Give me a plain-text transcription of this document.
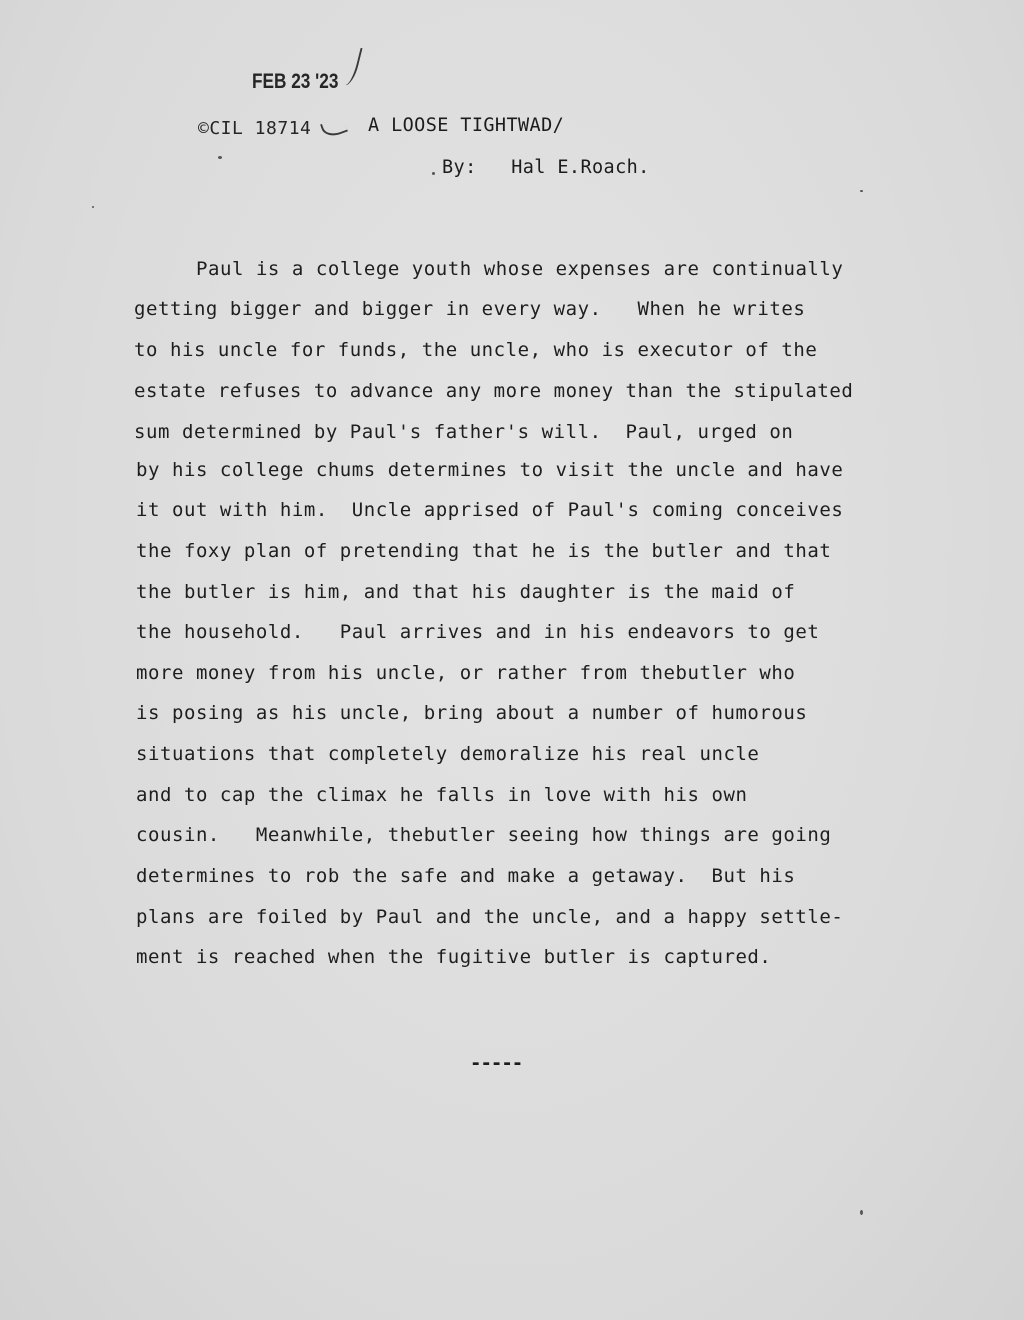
FEB 23 '23
©CIL 18714	A LOOSE TIGHTWAD/
By:   Hal E.Roach.
Paul is a college youth whose expenses are continually
getting bigger and bigger in every way.   When he writes
to his uncle for funds, the uncle, who is executor of the
estate refuses to advance any more money than the stipulated
sum determined by Paul's father's will.  Paul, urged on
by his college chums determines to visit the uncle and have
it out with him.  Uncle apprised of Paul's coming conceives
the foxy plan of pretending that he is the butler and that
the butler is him, and that his daughter is the maid of
the household.   Paul arrives and in his endeavors to get
more money from his uncle, or rather from thebutler who
is posing as his uncle, bring about a number of humorous
situations that completely demoralize his real uncle
and to cap the climax he falls in love with his own
cousin.   Meanwhile, thebutler seeing how things are going
determines to rob the safe and make a getaway.  But his
plans are foiled by Paul and the uncle, and a happy settle-
ment is reached when the fugitive butler is captured.
-----
